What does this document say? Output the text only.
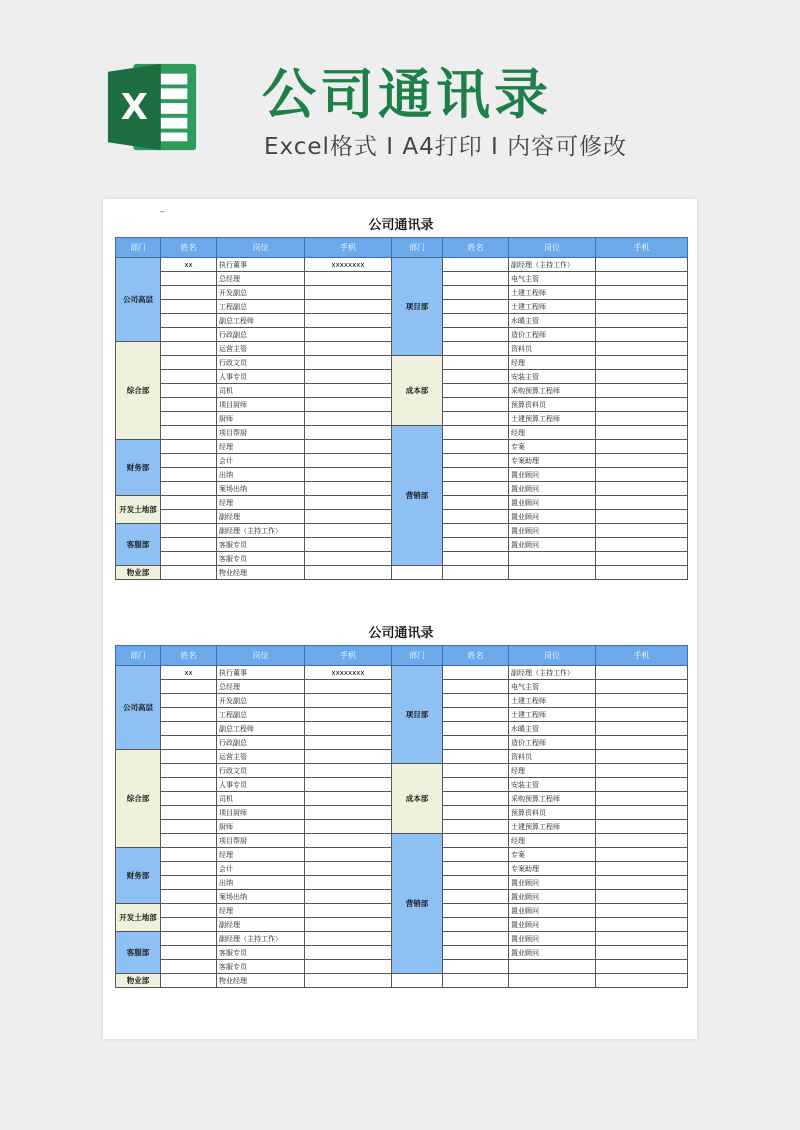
X 公司通讯录
Excel格式 I A4打印 I 内容可修改
–
公司通讯录
部门	姓名	岗位	手机	部门	姓名	岗位	手机
公司高层	xx	执行董事	xxxxxxxx	项目部		副经理（主持工作）	
		总经理				电气主管	
		开发副总				土建工程师	
		工程副总				土建工程师	
		副总工程师				水暖主管	
		行政副总				造价工程师	
综合部		运营主管				资料员	
		行政文员		成本部		经理	
		人事专员				安装主管	
		司机				采购预算工程师	
		项目厨师				预算资料员	
		厨师				土建预算工程师	
		项目帮厨		营销部		经理	
财务部		经理				专案	
		会计				专案助理	
		出纳				置业顾问	
		案场出纳				置业顾问	
开发土地部		经理				置业顾问	
		副经理				置业顾问	
客服部		副经理（主持工作）				置业顾问	
		客服专员				置业顾问	
		客服专员					
物业部		物业经理					
公司通讯录
部门	姓名	岗位	手机	部门	姓名	岗位	手机
公司高层	xx	执行董事	xxxxxxxx	项目部		副经理（主持工作）	
		总经理				电气主管	
		开发副总				土建工程师	
		工程副总				土建工程师	
		副总工程师				水暖主管	
		行政副总				造价工程师	
综合部		运营主管				资料员	
		行政文员		成本部		经理	
		人事专员				安装主管	
		司机				采购预算工程师	
		项目厨师				预算资料员	
		厨师				土建预算工程师	
		项目帮厨		营销部		经理	
财务部		经理				专案	
		会计				专案助理	
		出纳				置业顾问	
		案场出纳				置业顾问	
开发土地部		经理				置业顾问	
		副经理				置业顾问	
客服部		副经理（主持工作）				置业顾问	
		客服专员				置业顾问	
		客服专员					
物业部		物业经理					
